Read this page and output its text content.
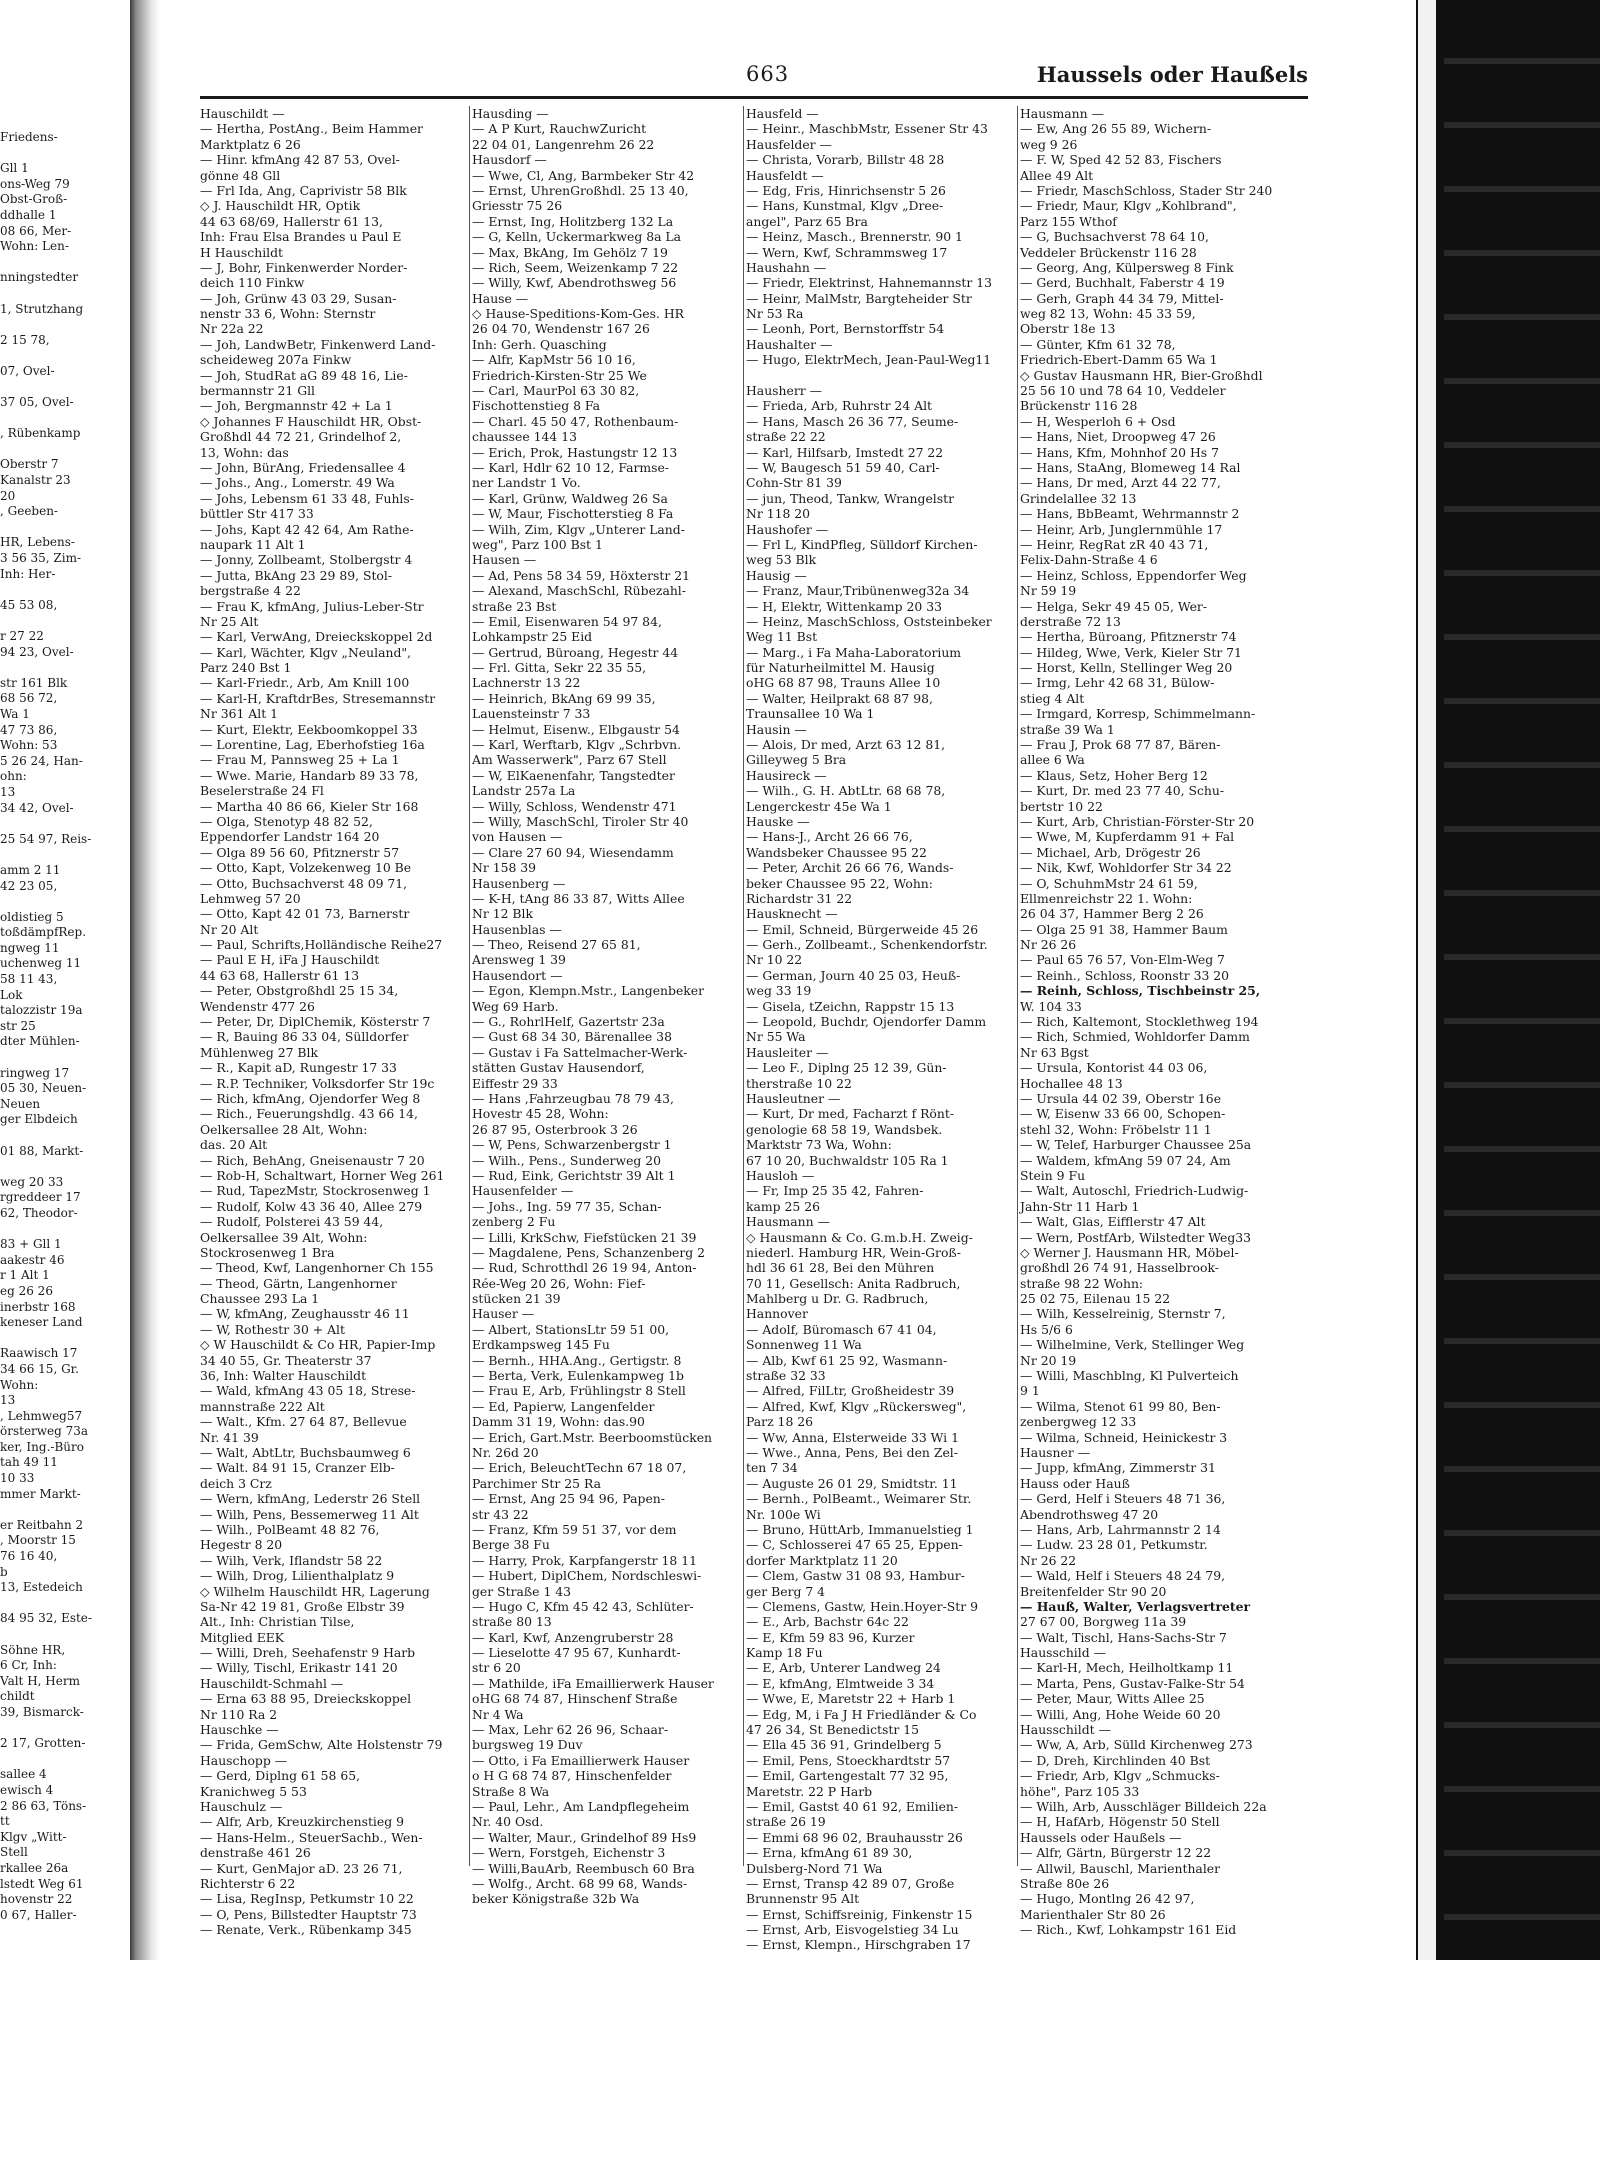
Friedens-
Gll 1
ons-Weg 79
Obst-Groß-
ddhalle 1
08 66, Mer-
Wohn: Len-
nningstedter
1, Strutzhang
2 15 78,
07, Ovel-
37 05, Ovel-
, Rübenkamp
Oberstr 7
Kanalstr 23
20
, Geeben-
HR, Lebens-
3 56 35, Zim-
Inh: Her-
45 53 08,
r 27 22
94 23, Ovel-
str 161 Blk
68 56 72,
Wa 1
47 73 86,
Wohn: 53
5 26 24, Han-
ohn:
13
34 42, Ovel-
25 54 97, Reis-
amm 2 11
42 23 05,
oldistieg 5
toßdämpfRep.
ngweg 11
uchenweg 11
58 11 43,
Lok
talozzistr 19a
str 25
dter Mühlen-
ringweg 17
05 30, Neuen-
Neuen
ger Elbdeich
01 88, Markt-
weg 20 33
rgreddeer 17
62, Theodor-
83 + Gll 1
aakestr 46
r 1 Alt 1
eg 26 26
inerbstr 168
keneser Land
Raawisch 17
34 66 15, Gr.
Wohn:
13
, Lehmweg57
örsterweg 73a
ker, Ing.-Büro
tah 49 11
10 33
mmer Markt-
er Reitbahn 2
, Moorstr 15
76 16 40,
b
13, Estedeich
84 95 32, Este-
Söhne HR,
6 Cr, Inh:
Valt H, Herm
childt
39, Bismarck-
2 17, Grotten-
sallee 4
ewisch 4
2 86 63, Töns-
tt
Klgv „Witt-
Stell
rkallee 26a
lstedt Weg 61
hovenstr 22
0 67, Haller-
663	Haussels oder Haußels
Hauschildt —
— Hertha, PostAng., Beim Hammer
Marktplatz 6 26
— Hinr. kfmAng 42 87 53, Ovel-
gönne 48 Gll
— Frl Ida, Ang, Caprivistr 58 Blk
◇ J. Hauschildt HR, Optik
44 63 68/69, Hallerstr 61 13,
Inh: Frau Elsa Brandes u Paul E
H Hauschildt
— J, Bohr, Finkenwerder Norder-
deich 110 Finkw
— Joh, Grünw 43 03 29, Susan-
nenstr 33 6, Wohn: Sternstr
Nr 22a 22
— Joh, LandwBetr, Finkenwerd Land-
scheideweg 207a Finkw
— Joh, StudRat aG 89 48 16, Lie-
bermannstr 21 Gll
— Joh, Bergmannstr 42 + La 1
◇ Johannes F Hauschildt HR, Obst-
Großhdl 44 72 21, Grindelhof 2,
13, Wohn: das
— John, BürAng, Friedensallee 4
— Johs., Ang., Lomerstr. 49 Wa
— Johs, Lebensm 61 33 48, Fuhls-
büttler Str 417 33
— Johs, Kapt 42 42 64, Am Rathe-
naupark 11 Alt 1
— Jonny, Zollbeamt, Stolbergstr 4
— Jutta, BkAng 23 29 89, Stol-
bergstraße 4 22
— Frau K, kfmAng, Julius-Leber-Str
Nr 25 Alt
— Karl, VerwAng, Dreieckskoppel 2d
— Karl, Wächter, Klgv „Neuland",
Parz 240 Bst 1
— Karl-Friedr., Arb, Am Knill 100
— Karl-H, KraftdrBes, Stresemannstr
Nr 361 Alt 1
— Kurt, Elektr, Eekboomkoppel 33
— Lorentine, Lag, Eberhofstieg 16a
— Frau M, Pannsweg 25 + La 1
— Wwe. Marie, Handarb 89 33 78,
Beselerstraße 24 Fl
— Martha 40 86 66, Kieler Str 168
— Olga, Stenotyp 48 82 52,
Eppendorfer Landstr 164 20
— Olga 89 56 60, Pfitznerstr 57
— Otto, Kapt, Volzekenweg 10 Be
— Otto, Buchsachverst 48 09 71,
Lehmweg 57 20
— Otto, Kapt 42 01 73, Barnerstr
Nr 20 Alt
— Paul, Schrifts,Holländische Reihe27
— Paul E H, iFa J Hauschildt
44 63 68, Hallerstr 61 13
— Peter, Obstgroßhdl 25 15 34,
Wendenstr 477 26
— Peter, Dr, DiplChemik, Kösterstr 7
— R, Bauing 86 33 04, Sülldorfer
Mühlenweg 27 Blk
— R., Kapit aD, Rungestr 17 33
— R.P. Techniker, Volksdorfer Str 19c
— Rich, kfmAng, Ojendorfer Weg 8
— Rich., Feuerungshdlg. 43 66 14,
Oelkersallee 28 Alt, Wohn:
das. 20 Alt
— Rich, BehAng, Gneisenaustr 7 20
— Rob-H, Schaltwart, Horner Weg 261
— Rud, TapezMstr, Stockrosenweg 1
— Rudolf, Kolw 43 36 40, Allee 279
— Rudolf, Polsterei 43 59 44,
Oelkersallee 39 Alt, Wohn:
Stockrosenweg 1 Bra
— Theod, Kwf, Langenhorner Ch 155
— Theod, Gärtn, Langenhorner
Chaussee 293 La 1
— W, kfmAng, Zeughausstr 46 11
— W, Rothestr 30 + Alt
◇ W Hauschildt & Co HR, Papier-Imp
34 40 55, Gr. Theaterstr 37
36, Inh: Walter Hauschildt
— Wald, kfmAng 43 05 18, Strese-
mannstraße 222 Alt
— Walt., Kfm. 27 64 87, Bellevue
Nr. 41 39
— Walt, AbtLtr, Buchsbaumweg 6
— Walt. 84 91 15, Cranzer Elb-
deich 3 Crz
— Wern, kfmAng, Lederstr 26 Stell
— Wilh, Pens, Bessemerweg 11 Alt
— Wilh., PolBeamt 48 82 76,
Hegestr 8 20
— Wilh, Verk, Iflandstr 58 22
— Wilh, Drog, Lilienthalplatz 9
◇ Wilhelm Hauschildt HR, Lagerung
Sa-Nr 42 19 81, Große Elbstr 39
Alt., Inh: Christian Tilse,
Mitglied EEK
— Willi, Dreh, Seehafenstr 9 Harb
— Willy, Tischl, Erikastr 141 20
Hauschildt-Schmahl —
— Erna 63 88 95, Dreieckskoppel
Nr 110 Ra 2
Hauschke —
— Frida, GemSchw, Alte Holstenstr 79
Hauschopp —
— Gerd, Diplng 61 58 65,
Kranichweg 5 53
Hauschulz —
— Alfr, Arb, Kreuzkirchenstieg 9
— Hans-Helm., SteuerSachb., Wen-
denstraße 461 26
— Kurt, GenMajor aD. 23 26 71,
Richterstr 6 22
— Lisa, RegInsp, Petkumstr 10 22
— O, Pens, Billstedter Hauptstr 73
— Renate, Verk., Rübenkamp 345
Hausding —
— A P Kurt, RauchwZuricht
22 04 01, Langenrehm 26 22
Hausdorf —
— Wwe, Cl, Ang, Barmbeker Str 42
— Ernst, UhrenGroßhdl. 25 13 40,
Griesstr 75 26
— Ernst, Ing, Holitzberg 132 La
— G, Kelln, Uckermarkweg 8a La
— Max, BkAng, Im Gehölz 7 19
— Rich, Seem, Weizenkamp 7 22
— Willy, Kwf, Abendrothsweg 56
Hause —
◇ Hause-Speditions-Kom-Ges. HR
26 04 70, Wendenstr 167 26
Inh: Gerh. Quasching
— Alfr, KapMstr 56 10 16,
Friedrich-Kirsten-Str 25 We
— Carl, MaurPol 63 30 82,
Fischottenstieg 8 Fa
— Charl. 45 50 47, Rothenbaum-
chaussee 144 13
— Erich, Prok, Hastungstr 12 13
— Karl, Hdlr 62 10 12, Farmse-
ner Landstr 1 Vo.
— Karl, Grünw, Waldweg 26 Sa
— W, Maur, Fischotterstieg 8 Fa
— Wilh, Zim, Klgv „Unterer Land-
weg", Parz 100 Bst 1
Hausen —
— Ad, Pens 58 34 59, Höxterstr 21
— Alexand, MaschSchl, Rübezahl-
straße 23 Bst
— Emil, Eisenwaren 54 97 84,
Lohkampstr 25 Eid
— Gertrud, Büroang, Hegestr 44
— Frl. Gitta, Sekr 22 35 55,
Lachnerstr 13 22
— Heinrich, BkAng 69 99 35,
Lauensteinstr 7 33
— Helmut, Eisenw., Elbgaustr 54
— Karl, Werftarb, Klgv „Schrbvn.
Am Wasserwerk", Parz 67 Stell
— W, ElKaenenfahr, Tangstedter
Landstr 257a La
— Willy, Schloss, Wendenstr 471
— Willy, MaschSchl, Tiroler Str 40
von Hausen —
— Clare 27 60 94, Wiesendamm
Nr 158 39
Hausenberg —
— K-H, tAng 86 33 87, Witts Allee
Nr 12 Blk
Hausenblas —
— Theo, Reisend 27 65 81,
Arensweg 1 39
Hausendort —
— Egon, Klempn.Mstr., Langenbeker
Weg 69 Harb.
— G., RohrlHelf, Gazertstr 23a
— Gust 68 34 30, Bärenallee 38
— Gustav i Fa Sattelmacher-Werk-
stätten Gustav Hausendorf,
Eiffestr 29 33
— Hans ,Fahrzeugbau 78 79 43,
Hovestr 45 28, Wohn:
26 87 95, Osterbrook 3 26
— W, Pens, Schwarzenbergstr 1
— Wilh., Pens., Sunderweg 20
— Rud, Eink, Gerichtstr 39 Alt 1
Hausenfelder —
— Johs., Ing. 59 77 35, Schan-
zenberg 2 Fu
— Lilli, KrkSchw, Fiefstücken 21 39
— Magdalene, Pens, Schanzenberg 2
— Rud, Schrotthdl 26 19 94, Anton-
Rée-Weg 20 26, Wohn: Fief-
stücken 21 39
Hauser —
— Albert, StationsLtr 59 51 00,
Erdkampsweg 145 Fu
— Bernh., HHA.Ang., Gertigstr. 8
— Berta, Verk, Eulenkampweg 1b
— Frau E, Arb, Frühlingstr 8 Stell
— Ed, Papierw, Langenfelder
Damm 31 19, Wohn: das.90
— Erich, Gart.Mstr. Beerboomstücken
Nr. 26d 20
— Erich, BeleuchtTechn 67 18 07,
Parchimer Str 25 Ra
— Ernst, Ang 25 94 96, Papen-
str 43 22
— Franz, Kfm 59 51 37, vor dem
Berge 38 Fu
— Harry, Prok, Karpfangerstr 18 11
— Hubert, DiplChem, Nordschleswi-
ger Straße 1 43
— Hugo C, Kfm 45 42 43, Schlüter-
straße 80 13
— Karl, Kwf, Anzengruberstr 28
— Lieselotte 47 95 67, Kunhardt-
str 6 20
— Mathilde, iFa Emaillierwerk Hauser
oHG 68 74 87, Hinschenf Straße
Nr 4 Wa
— Max, Lehr 62 26 96, Schaar-
burgsweg 19 Duv
— Otto, i Fa Emaillierwerk Hauser
o H G 68 74 87, Hinschenfelder
Straße 8 Wa
— Paul, Lehr., Am Landpflegeheim
Nr. 40 Osd.
— Walter, Maur., Grindelhof 89 Hs9
— Wern, Forstgeh, Eichenstr 3
— Willi,BauArb, Reembusch 60 Bra
— Wolfg., Archt. 68 99 68, Wands-
beker Königstraße 32b Wa
Hausfeld —
— Heinr., MaschbMstr, Essener Str 43
Hausfelder —
— Christa, Vorarb, Billstr 48 28
Hausfeldt —
— Edg, Fris, Hinrichsenstr 5 26
— Hans, Kunstmal, Klgv „Dree-
angel", Parz 65 Bra
— Heinz, Masch., Brennerstr. 90 1
— Wern, Kwf, Schrammsweg 17
Haushahn —
— Friedr, Elektrinst, Hahnemannstr 13
— Heinr, MalMstr, Bargteheider Str
Nr 53 Ra
— Leonh, Port, Bernstorffstr 54
Haushalter —
— Hugo, ElektrMech, Jean-Paul-Weg11
Hausherr —
— Frieda, Arb, Ruhrstr 24 Alt
— Hans, Masch 26 36 77, Seume-
straße 22 22
— Karl, Hilfsarb, Imstedt 27 22
— W, Baugesch 51 59 40, Carl-
Cohn-Str 81 39
— jun, Theod, Tankw, Wrangelstr
Nr 118 20
Haushofer —
— Frl L, KindPfleg, Sülldorf Kirchen-
weg 53 Blk
Hausig —
— Franz, Maur,Tribünenweg32a 34
— H, Elektr, Wittenkamp 20 33
— Heinz, MaschSchloss, Oststeinbeker
Weg 11 Bst
— Marg., i Fa Maha-Laboratorium
für Naturheilmittel M. Hausig
oHG 68 87 98, Trauns Allee 10
— Walter, Heilprakt 68 87 98,
Traunsallee 10 Wa 1
Hausin —
— Alois, Dr med, Arzt 63 12 81,
Gilleyweg 5 Bra
Hausireck —
— Wilh., G. H. AbtLtr. 68 68 78,
Lengerckestr 45e Wa 1
Hauske —
— Hans-J., Archt 26 66 76,
Wandsbeker Chaussee 95 22
— Peter, Archit 26 66 76, Wands-
beker Chaussee 95 22, Wohn:
Richardstr 31 22
Hausknecht —
— Emil, Schneid, Bürgerweide 45 26
— Gerh., Zollbeamt., Schenkendorfstr.
Nr 10 22
— German, Journ 40 25 03, Heuß-
weg 33 19
— Gisela, tZeichn, Rappstr 15 13
— Leopold, Buchdr, Ojendorfer Damm
Nr 55 Wa
Hausleiter —
— Leo F., Diplng 25 12 39, Gün-
therstraße 10 22
Hausleutner —
— Kurt, Dr med, Facharzt f Rönt-
genologie 68 58 19, Wandsbek.
Marktstr 73 Wa, Wohn:
67 10 20, Buchwaldstr 105 Ra 1
Hausloh —
— Fr, Imp 25 35 42, Fahren-
kamp 25 26
Hausmann —
◇ Hausmann & Co. G.m.b.H. Zweig-
niederl. Hamburg HR, Wein-Groß-
hdl 36 61 28, Bei den Mühren
70 11, Gesellsch: Anita Radbruch,
Mahlberg u Dr. G. Radbruch,
Hannover
— Adolf, Büromasch 67 41 04,
Sonnenweg 11 Wa
— Alb, Kwf 61 25 92, Wasmann-
straße 32 33
— Alfred, FilLtr, Großheidestr 39
— Alfred, Kwf, Klgv „Rückersweg",
Parz 18 26
— Ww, Anna, Elsterweide 33 Wi 1
— Wwe., Anna, Pens, Bei den Zel-
ten 7 34
— Auguste 26 01 29, Smidtstr. 11
— Bernh., PolBeamt., Weimarer Str.
Nr. 100e Wi
— Bruno, HüttArb, Immanuelstieg 1
— C, Schlosserei 47 65 25, Eppen-
dorfer Marktplatz 11 20
— Clem, Gastw 31 08 93, Hambur-
ger Berg 7 4
— Clemens, Gastw, Hein.Hoyer-Str 9
— E., Arb, Bachstr 64c 22
— E, Kfm 59 83 96, Kurzer
Kamp 18 Fu
— E, Arb, Unterer Landweg 24
— E, kfmAng, Elmtweide 3 34
— Wwe, E, Maretstr 22 + Harb 1
— Edg, M, i Fa J H Friedländer & Co
47 26 34, St Benedictstr 15
— Ella 45 36 91, Grindelberg 5
— Emil, Pens, Stoeckhardtstr 57
— Emil, Gartengestalt 77 32 95,
Maretstr. 22 P Harb
— Emil, Gastst 40 61 92, Emilien-
straße 26 19
— Emmi 68 96 02, Brauhausstr 26
— Erna, kfmAng 61 89 30,
Dulsberg-Nord 71 Wa
— Ernst, Transp 42 89 07, Große
Brunnenstr 95 Alt
— Ernst, Schiffsreinig, Finkenstr 15
— Ernst, Arb, Eisvogelstieg 34 Lu
— Ernst, Klempn., Hirschgraben 17
Hausmann —
— Ew, Ang 26 55 89, Wichern-
weg 9 26
— F. W, Sped 42 52 83, Fischers
Allee 49 Alt
— Friedr, MaschSchloss, Stader Str 240
— Friedr, Maur, Klgv „Kohlbrand",
Parz 155 Wthof
— G, Buchsachverst 78 64 10,
Veddeler Brückenstr 116 28
— Georg, Ang, Külpersweg 8 Fink
— Gerd, Buchhalt, Faberstr 4 19
— Gerh, Graph 44 34 79, Mittel-
weg 82 13, Wohn: 45 33 59,
Oberstr 18e 13
— Günter, Kfm 61 32 78,
Friedrich-Ebert-Damm 65 Wa 1
◇ Gustav Hausmann HR, Bier-Großhdl
25 56 10 und 78 64 10, Veddeler
Brückenstr 116 28
— H, Wesperloh 6 + Osd
— Hans, Niet, Droopweg 47 26
— Hans, Kfm, Mohnhof 20 Hs 7
— Hans, StaAng, Blomeweg 14 Ral
— Hans, Dr med, Arzt 44 22 77,
Grindelallee 32 13
— Hans, BbBeamt, Wehrmannstr 2
— Heinr, Arb, Junglernmühle 17
— Heinr, RegRat zR 40 43 71,
Felix-Dahn-Straße 4 6
— Heinz, Schloss, Eppendorfer Weg
Nr 59 19
— Helga, Sekr 49 45 05, Wer-
derstraße 72 13
— Hertha, Büroang, Pfitznerstr 74
— Hildeg, Wwe, Verk, Kieler Str 71
— Horst, Kelln, Stellinger Weg 20
— Irmg, Lehr 42 68 31, Bülow-
stieg 4 Alt
— Irmgard, Korresp, Schimmelmann-
straße 39 Wa 1
— Frau J, Prok 68 77 87, Bären-
allee 6 Wa
— Klaus, Setz, Hoher Berg 12
— Kurt, Dr. med 23 77 40, Schu-
bertstr 10 22
— Kurt, Arb, Christian-Förster-Str 20
— Wwe, M, Kupferdamm 91 + Fal
— Michael, Arb, Drögestr 26
— Nik, Kwf, Wohldorfer Str 34 22
— O, SchuhmMstr 24 61 59,
Ellmenreichstr 22 1. Wohn:
26 04 37, Hammer Berg 2 26
— Olga 25 91 38, Hammer Baum
Nr 26 26
— Paul 65 76 57, Von-Elm-Weg 7
— Reinh., Schloss, Roonstr 33 20
— Reinh, Schloss, Tischbeinstr 25,
W. 104 33
— Rich, Kaltemont, Stocklethweg 194
— Rich, Schmied, Wohldorfer Damm
Nr 63 Bgst
— Ursula, Kontorist 44 03 06,
Hochallee 48 13
— Ursula 44 02 39, Oberstr 16e
— W, Eisenw 33 66 00, Schopen-
stehl 32, Wohn: Fröbelstr 11 1
— W, Telef, Harburger Chaussee 25a
— Waldem, kfmAng 59 07 24, Am
Stein 9 Fu
— Walt, Autoschl, Friedrich-Ludwig-
Jahn-Str 11 Harb 1
— Walt, Glas, Eifflerstr 47 Alt
— Wern, PostfArb, Wilstedter Weg33
◇ Werner J. Hausmann HR, Möbel-
großhdl 26 74 91, Hasselbrook-
straße 98 22 Wohn:
25 02 75, Eilenau 15 22
— Wilh, Kesselreinig, Sternstr 7,
Hs 5/6 6
— Wilhelmine, Verk, Stellinger Weg
Nr 20 19
— Willi, Maschblng, Kl Pulverteich
9 1
— Wilma, Stenot 61 99 80, Ben-
zenbergweg 12 33
— Wilma, Schneid, Heinickestr 3
Hausner —
— Jupp, kfmAng, Zimmerstr 31
Hauss oder Hauß
— Gerd, Helf i Steuers 48 71 36,
Abendrothsweg 47 20
— Hans, Arb, Lahrmannstr 2 14
— Ludw. 23 28 01, Petkumstr.
Nr 26 22
— Wald, Helf i Steuers 48 24 79,
Breitenfelder Str 90 20
— Hauß, Walter, Verlagsvertreter
27 67 00, Borgweg 11a 39
— Walt, Tischl, Hans-Sachs-Str 7
Hausschild —
— Karl-H, Mech, Heilholtkamp 11
— Marta, Pens, Gustav-Falke-Str 54
— Peter, Maur, Witts Allee 25
— Willi, Ang, Hohe Weide 60 20
Hausschildt —
— Ww, A, Arb, Sülld Kirchenweg 273
— D, Dreh, Kirchlinden 40 Bst
— Friedr, Arb, Klgv „Schmucks-
höhe", Parz 105 33
— Wilh, Arb, Ausschläger Billdeich 22a
— H, HafArb, Högenstr 50 Stell
Haussels oder Haußels —
— Alfr, Gärtn, Bürgerstr 12 22
— Allwil, Bauschl, Marienthaler
Straße 80e 26
— Hugo, Montlng 26 42 97,
Marienthaler Str 80 26
— Rich., Kwf, Lohkampstr 161 Eid
